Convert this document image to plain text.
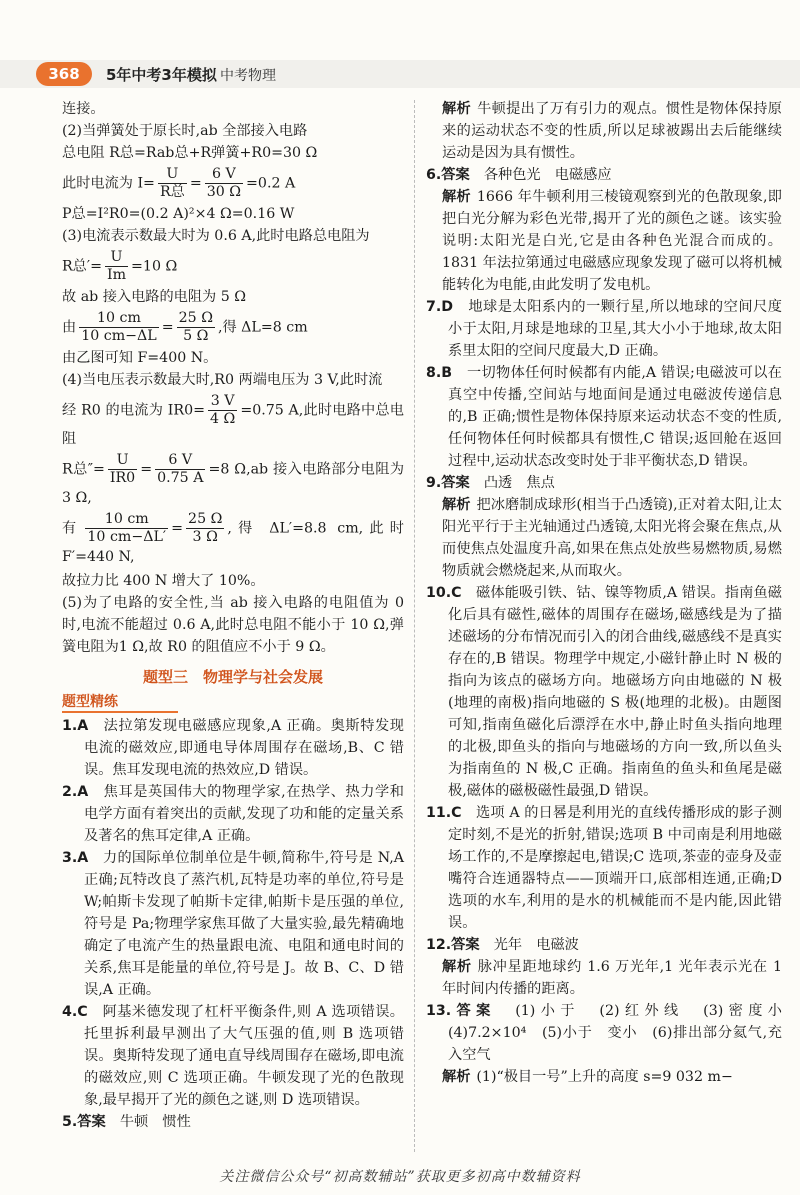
368	5年中考3年模拟 中考物理

连接。

(2)当弹簧处于原长时,ab 全部接入电路

总电阻 R总=Rab总+R弹簧+R0=30 Ω

此时电流为 $I= \frac{U}{\text{R总}} = \frac{6 V}{30 \Omega} =0.2$ A

P总=I²R0=(0.2 A)²×4 Ω=0.16 W

(3)电流表示数最大时为 0.6 A,此时电路总电阻为

R总′= $\frac{U}{Im} =10$ Ω

故 ab 接入电路的电阻为 5 Ω

由 $\frac{10 cm}{10 cm-\Delta L} = \frac{25 \Omega}{5 \Omega}$ ,得 ΔL=8 cm

由乙图可知 F=400 N。

(4)当电压表示数最大时,R0 两端电压为 3 V,此时流

经 R0 的电流为 $IR0= \frac{3 V}{4 \Omega} =0.75$ A,此时电路中总电阻

R总″= $\frac{U}{IR0} = \frac{6 V}{0.75 A} =8$ Ω,ab 接入电路部分电阻为 3 Ω,

有 $\frac{10 cm}{10 cm-\Delta L'} = \frac{25 \Omega}{3 \Omega}$ ,得 ΔL′=8.8 cm,此时 F′=440 N,

故拉力比 400 N 增大了 10%。

(5)为了电路的安全性,当 ab 接入电路的电阻值为 0 时,电流不能超过 0.6 A,此时总电阻不能小于 10 Ω,弹簧电阻为1 Ω,故 R0 的阻值应不小于 9 Ω。

题型三　物理学与社会发展
题型精练

1.A　 法拉第发现电磁感应现象,A 正确。奥斯特发现电流的磁效应,即通电导体周围存在磁场,B、C 错误。焦耳发现电流的热效应,D 错误。

2.A　 焦耳是英国伟大的物理学家,在热学、热力学和电学方面有着突出的贡献,发现了功和能的定量关系及著名的焦耳定律,A 正确。

3.A　 力的国际单位制单位是牛顿,简称牛,符号是 N,A 正确;瓦特改良了蒸汽机,瓦特是功率的单位,符号是 W;帕斯卡发现了帕斯卡定律,帕斯卡是压强的单位,符号是 Pa;物理学家焦耳做了大量实验,最先精确地确定了电流产生的热量跟电流、电阻和通电时间的关系,焦耳是能量的单位,符号是 J。故 B、C、D 错误,A 正确。

4.C　 阿基米德发现了杠杆平衡条件,则 A 选项错误。托里拆利最早测出了大气压强的值,则 B 选项错误。奥斯特发现了通电直导线周围存在磁场,即电流的磁效应,则 C 选项正确。牛顿发现了光的色散现象,最早揭开了光的颜色之谜,则 D 选项错误。

5.答案　 牛顿　惯性

解析 牛顿提出了万有引力的观点。惯性是物体保持原来的运动状态不变的性质,所以足球被踢出去后能继续运动是因为具有惯性。

6.答案　 各种色光　电磁感应

解析 1666 年牛顿利用三棱镜观察到光的色散现象,即把白光分解为彩色光带,揭开了光的颜色之谜。该实验说明:太阳光是白光,它是由各种色光混合而成的。1831 年法拉第通过电磁感应现象发现了磁可以将机械能转化为电能,由此发明了发电机。

7.D　 地球是太阳系内的一颗行星,所以地球的空间尺度小于太阳,月球是地球的卫星,其大小小于地球,故太阳系里太阳的空间尺度最大,D 正确。

8.B　 一切物体任何时候都有内能,A 错误;电磁波可以在真空中传播,空间站与地面间是通过电磁波传递信息的,B 正确;惯性是物体保持原来运动状态不变的性质,任何物体任何时候都具有惯性,C 错误;返回舱在返回过程中,运动状态改变时处于非平衡状态,D 错误。

9.答案　 凸透　焦点

解析 把冰磨制成球形(相当于凸透镜),正对着太阳,让太阳光平行于主光轴通过凸透镜,太阳光将会聚在焦点,从而使焦点处温度升高,如果在焦点处放些易燃物质,易燃物质就会燃烧起来,从而取火。

10.C　 磁体能吸引铁、钴、镍等物质,A 错误。指南鱼磁化后具有磁性,磁体的周围存在磁场,磁感线是为了描述磁场的分布情况而引入的闭合曲线,磁感线不是真实存在的,B 错误。物理学中规定,小磁针静止时 N 极的指向为该点的磁场方向。地磁场方向由地磁的 N 极(地理的南极)指向地磁的 S 极(地理的北极)。由题图可知,指南鱼磁化后漂浮在水中,静止时鱼头指向地理的北极,即鱼头的指向与地磁场的方向一致,所以鱼头为指南鱼的 N 极,C 正确。指南鱼的鱼头和鱼尾是磁极,磁体的磁极磁性最强,D 错误。

11.C　 选项 A 的日晷是利用光的直线传播形成的影子测定时刻,不是光的折射,错误;选项 B 中司南是利用地磁场工作的,不是摩擦起电,错误;C 选项,茶壶的壶身及壶嘴符合连通器特点——顶端开口,底部相连通,正确;D 选项的水车,利用的是水的机械能而不是内能,因此错误。

12.答案　 光年　电磁波

解析 脉冲星距地球约 1.6 万光年,1 光年表示光在 1 年时间内传播的距离。

13.答案　 (1)小于　(2)红外线　(3)密度小　(4)7.2×10⁴　(5)小于　变小　(6)排出部分氦气,充入空气

解析 (1)“极目一号”上升的高度 s=9 032 m−

关注微信公众号“初高数辅站”获取更多初高中数辅资料
